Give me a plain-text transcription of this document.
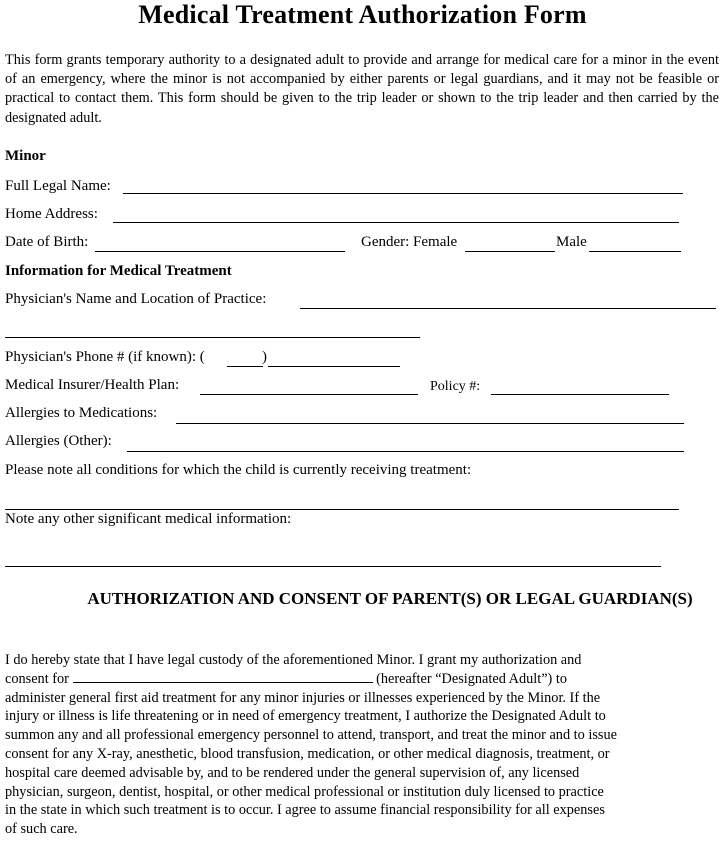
Medical Treatment Authorization Form
This form grants temporary authority to a designated adult to provide and arrange for medical care for a minor in the event of an emergency, where the minor is not accompanied by either parents or legal guardians, and it may not be feasible or practical to contact them. This form should be given to the trip leader or shown to the trip leader and then carried by the designated adult.
Minor
Full Legal Name:
Home Address:
Date of Birth:	Gender: Female	Male
Information for Medical Treatment
Physician's Name and Location of Practice:
Physician's Phone # (if known): (	)
Medical Insurer/Health Plan:	Policy #:
Allergies to Medications:
Allergies (Other):
Please note all conditions for which the child is currently receiving treatment:
Note any other significant medical information:
AUTHORIZATION AND CONSENT OF PARENT(S) OR LEGAL GUARDIAN(S)
I do hereby state that I have legal custody of the aforementioned Minor. I grant my authorization and
consent for	(hereafter “Designated Adult”) to
administer general first aid treatment for any minor injuries or illnesses experienced by the Minor. If the
injury or illness is life threatening or in need of emergency treatment, I authorize the Designated Adult to
summon any and all professional emergency personnel to attend, transport, and treat the minor and to issue
consent for any X-ray, anesthetic, blood transfusion, medication, or other medical diagnosis, treatment, or
hospital care deemed advisable by, and to be rendered under the general supervision of, any licensed
physician, surgeon, dentist, hospital, or other medical professional or institution duly licensed to practice
in the state in which such treatment is to occur. I agree to assume financial responsibility for all expenses
of such care.
